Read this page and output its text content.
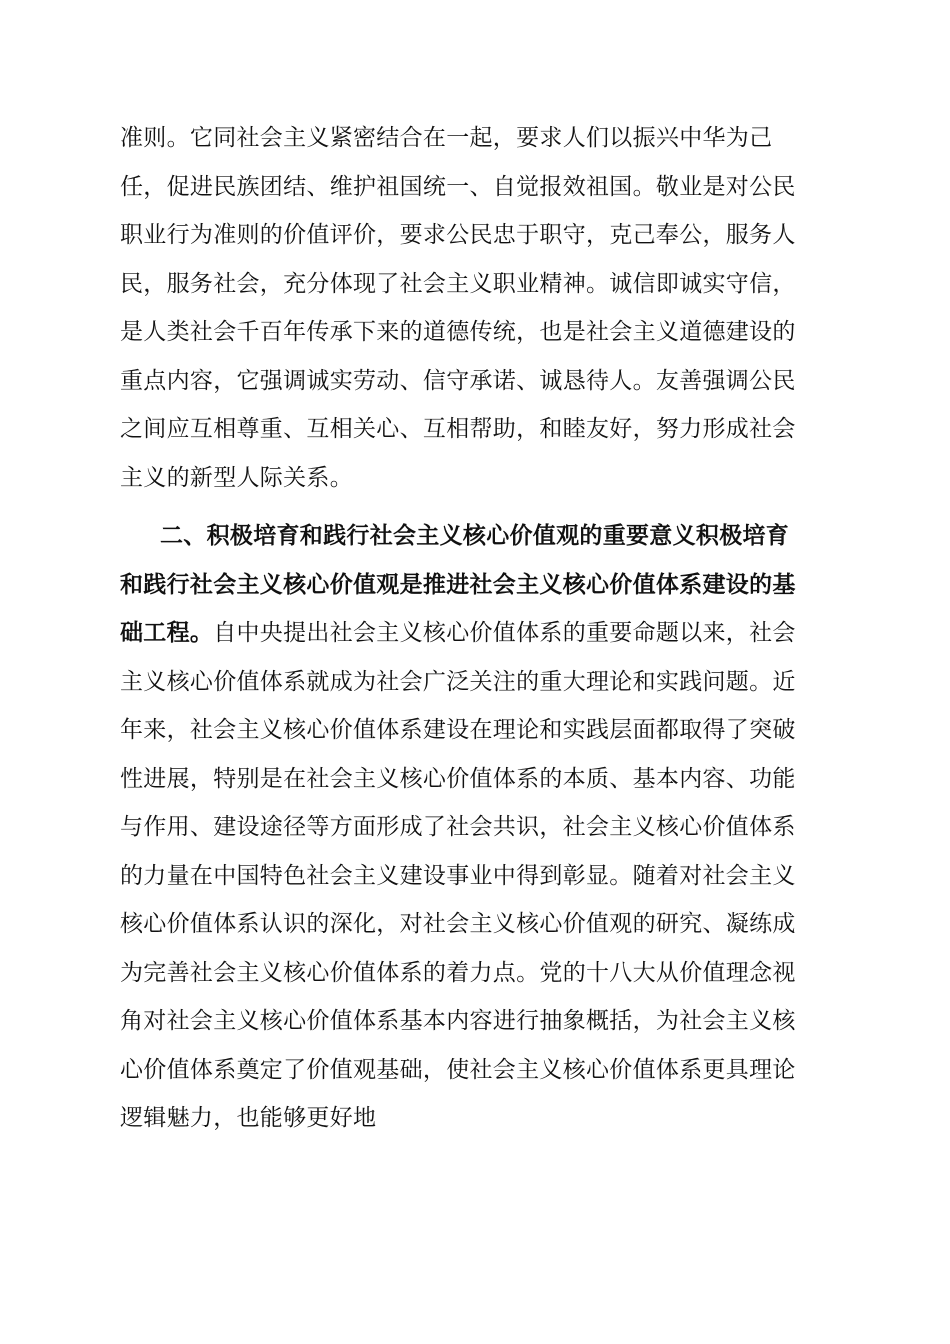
准则。它同社会主义紧密结合在一起，要求人们以振兴中华为己
任，促进民族团结、维护祖国统一、自觉报效祖国。敬业是对公民
职业行为准则的价值评价，要求公民忠于职守，克己奉公，服务人
民，服务社会，充分体现了社会主义职业精神。诚信即诚实守信，
是人类社会千百年传承下来的道德传统，也是社会主义道德建设的
重点内容，它强调诚实劳动、信守承诺、诚恳待人。友善强调公民
之间应互相尊重、互相关心、互相帮助，和睦友好，努力形成社会
主义的新型人际关系。
二、积极培育和践行社会主义核心价值观的重要意义积极培育
和践行社会主义核心价值观是推进社会主义核心价值体系建设的基
础工程。自中央提出社会主义核心价值体系的重要命题以来，社会
主义核心价值体系就成为社会广泛关注的重大理论和实践问题。近
年来，社会主义核心价值体系建设在理论和实践层面都取得了突破
性进展，特别是在社会主义核心价值体系的本质、基本内容、功能
与作用、建设途径等方面形成了社会共识，社会主义核心价值体系
的力量在中国特色社会主义建设事业中得到彰显。随着对社会主义
核心价值体系认识的深化，对社会主义核心价值观的研究、凝练成
为完善社会主义核心价值体系的着力点。党的十八大从价值理念视
角对社会主义核心价值体系基本内容进行抽象概括，为社会主义核
心价值体系奠定了价值观基础，使社会主义核心价值体系更具理论
逻辑魅力，也能够更好地
